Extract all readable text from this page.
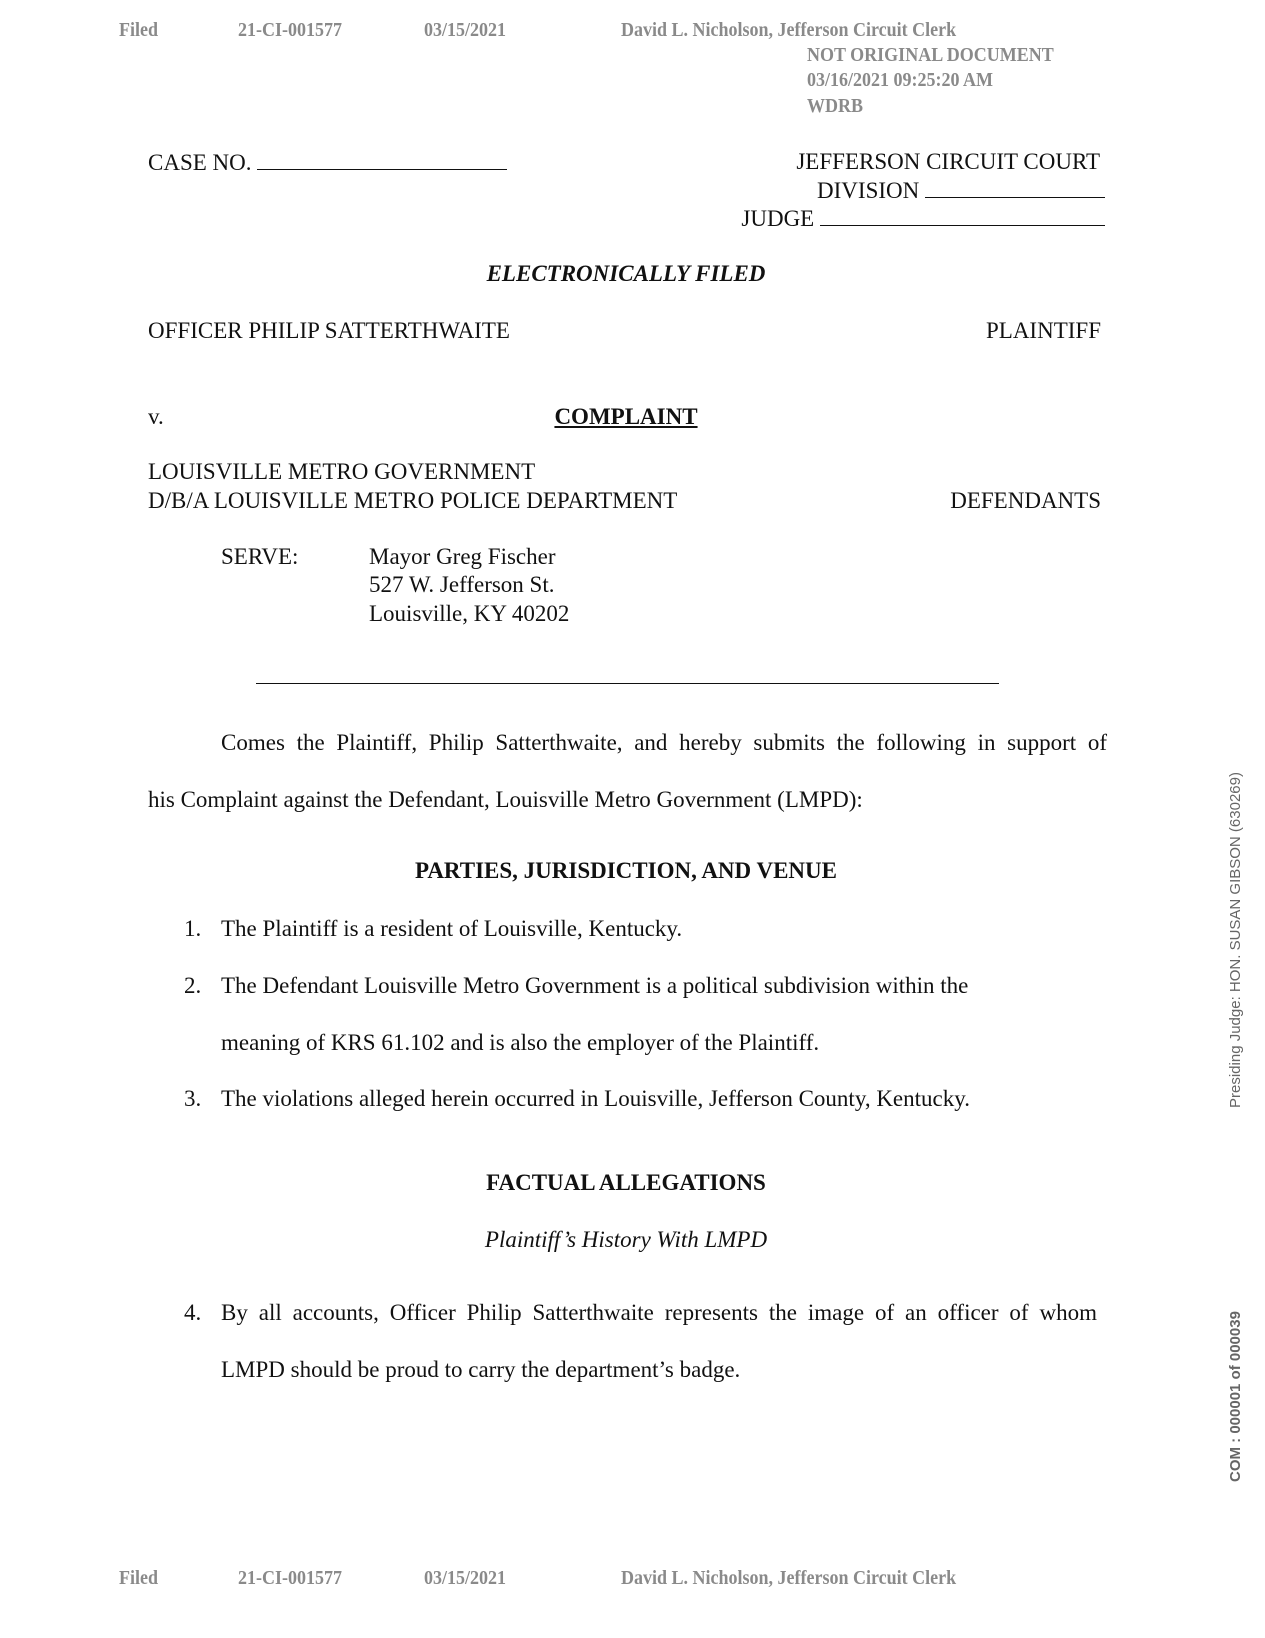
Filed	21-CI-001577	03/15/2021	David L. Nicholson, Jefferson Circuit Clerk
NOT ORIGINAL DOCUMENT
03/16/2021 09:25:20 AM
WDRB
CASE NO.	JEFFERSON CIRCUIT COURT
DIVISION
JUDGE
ELECTRONICALLY FILED
OFFICER PHILIP SATTERTHWAITE	PLAINTIFF
v.	COMPLAINT
LOUISVILLE METRO GOVERNMENT
D/B/A LOUISVILLE METRO POLICE DEPARTMENT	DEFENDANTS
SERVE:	Mayor Greg Fischer
527 W. Jefferson St.
Louisville, KY 40202
Comes the Plaintiff, Philip Satterthwaite, and hereby submits the following in support of
his Complaint against the Defendant, Louisville Metro Government (LMPD):
PARTIES, JURISDICTION, AND VENUE
1. The Plaintiff is a resident of Louisville, Kentucky.
2. The Defendant Louisville Metro Government is a political subdivision within the
meaning of KRS 61.102 and is also the employer of the Plaintiff.
3. The violations alleged herein occurred in Louisville, Jefferson County, Kentucky.
FACTUAL ALLEGATIONS
Plaintiff’s History With LMPD
4. By all accounts, Officer Philip Satterthwaite represents the image of an officer of whom
LMPD should be proud to carry the department’s badge.
Presiding Judge: HON. SUSAN GIBSON (630269)
COM : 000001 of 000039
Filed	21-CI-001577	03/15/2021	David L. Nicholson, Jefferson Circuit Clerk
